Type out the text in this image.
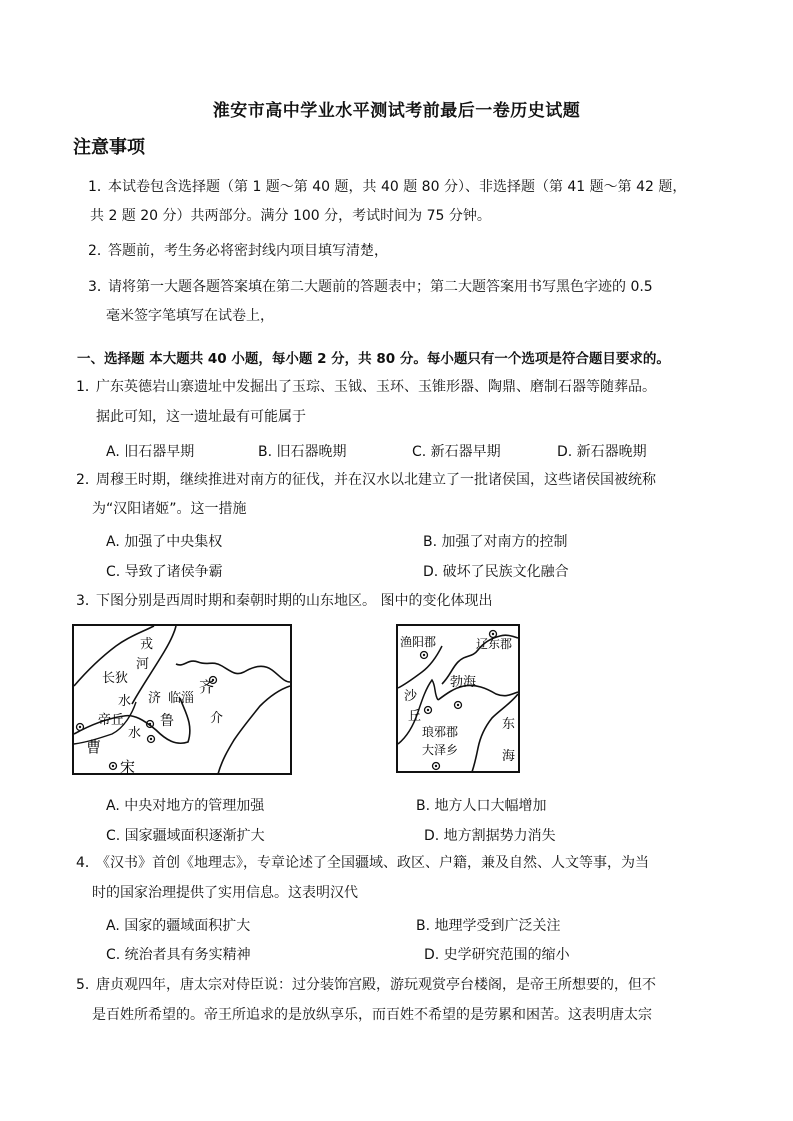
淮安市高中学业水平测试考前最后一卷历史试题
注意事项
1．
本试卷包含选择题（第 1 题～第 40 题，共 40 题 80 分）、非选择题（第 41 题～第 42 题，
共 2 题 20 分）共两部分。满分 100 分，考试时间为 75 分钟。
2．
答题前，考生务必将密封线内项目填写清楚，
3．
请将第一大题各题答案填在第二大题前的答题表中；第二大题答案用书写黑色字迹的 0.5
毫米签字笔填写在试卷上，
一、选择题 本大题共 40 小题，每小题 2 分，共 80 分。每小题只有一个选项是符合题目要求的。
1．
广东英德岩山寨遗址中发掘出了玉琮、玉钺、玉环、玉锥形器、陶鼎、磨制石器等随葬品。
据此可知，这一遗址最有可能属于
A. 旧石器早期	B. 旧石器晚期	C. 新石器早期	D. 新石器晚期
2．
周穆王时期，继续推进对南方的征伐，并在汉水以北建立了一批诸侯国，这些诸侯国被统称
为“汉阳诸姬”。这一措施
A. 加强了中央集权	B. 加强了对南方的控制
C. 导致了诸侯争霸	D. 破坏了民族文化融合
3．
下图分别是西周时期和秦朝时期的山东地区。 图中的变化体现出
戎
河
长狄
水 济 临淄
齐
帝丘	鲁
水
介
曹
宋
渔阳郡	辽东郡
勃海
沙
丘
琅邪郡	东
大泽乡	海
A. 中央对地方的管理加强	B. 地方人口大幅增加
C. 国家疆域面积逐渐扩大	D. 地方割据势力消失
4．
《汉书》首创《地理志》，专章论述了全国疆域、政区、户籍，兼及自然、人文等事，为当
时的国家治理提供了实用信息。这表明汉代
A. 国家的疆域面积扩大	B. 地理学受到广泛关注
C. 统治者具有务实精神	D. 史学研究范围的缩小
5．
唐贞观四年，唐太宗对侍臣说：过分装饰宫殿，游玩观赏亭台楼阁，是帝王所想要的，但不
是百姓所希望的。帝王所追求的是放纵享乐，而百姓不希望的是劳累和困苦。这表明唐太宗
